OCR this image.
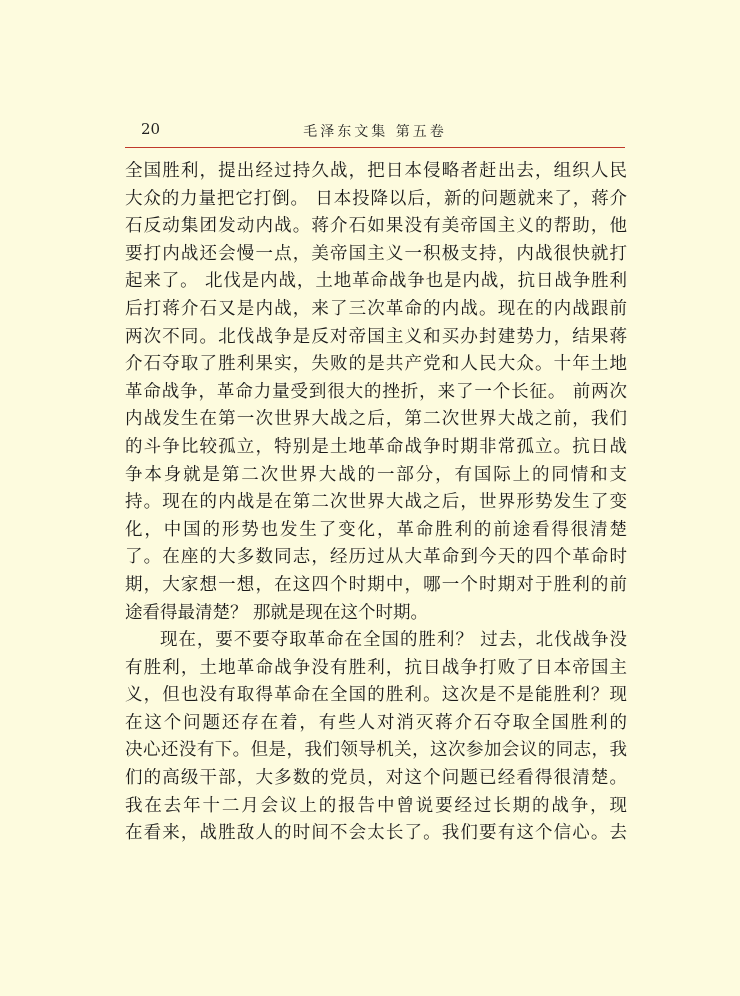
20	毛泽东文集 第五卷
全国胜利，提出经过持久战，把日本侵略者赶出去，组织人民
大众的力量把它打倒。 日本投降以后，新的问题就来了，蒋介
石反动集团发动内战。蒋介石如果没有美帝国主义的帮助，他
要打内战还会慢一点，美帝国主义一积极支持，内战很快就打
起来了。 北伐是内战，土地革命战争也是内战，抗日战争胜利
后打蒋介石又是内战，来了三次革命的内战。现在的内战跟前
两次不同。北伐战争是反对帝国主义和买办封建势力，结果蒋
介石夺取了胜利果实，失败的是共产党和人民大众。十年土地
革命战争，革命力量受到很大的挫折，来了一个长征。 前两次
内战发生在第一次世界大战之后，第二次世界大战之前，我们
的斗争比较孤立，特别是土地革命战争时期非常孤立。抗日战
争本身就是第二次世界大战的一部分，有国际上的同情和支
持。现在的内战是在第二次世界大战之后，世界形势发生了变
化，中国的形势也发生了变化，革命胜利的前途看得很清楚
了。在座的大多数同志，经历过从大革命到今天的四个革命时
期，大家想一想，在这四个时期中，哪一个时期对于胜利的前
途看得最清楚？ 那就是现在这个时期。
现在，要不要夺取革命在全国的胜利？ 过去，北伐战争没
有胜利，土地革命战争没有胜利，抗日战争打败了日本帝国主
义，但也没有取得革命在全国的胜利。这次是不是能胜利？现
在这个问题还存在着，有些人对消灭蒋介石夺取全国胜利的
决心还没有下。但是，我们领导机关，这次参加会议的同志，我
们的高级干部，大多数的党员，对这个问题已经看得很清楚。
我在去年十二月会议上的报告中曾说要经过长期的战争，现
在看来，战胜敌人的时间不会太长了。我们要有这个信心。去
